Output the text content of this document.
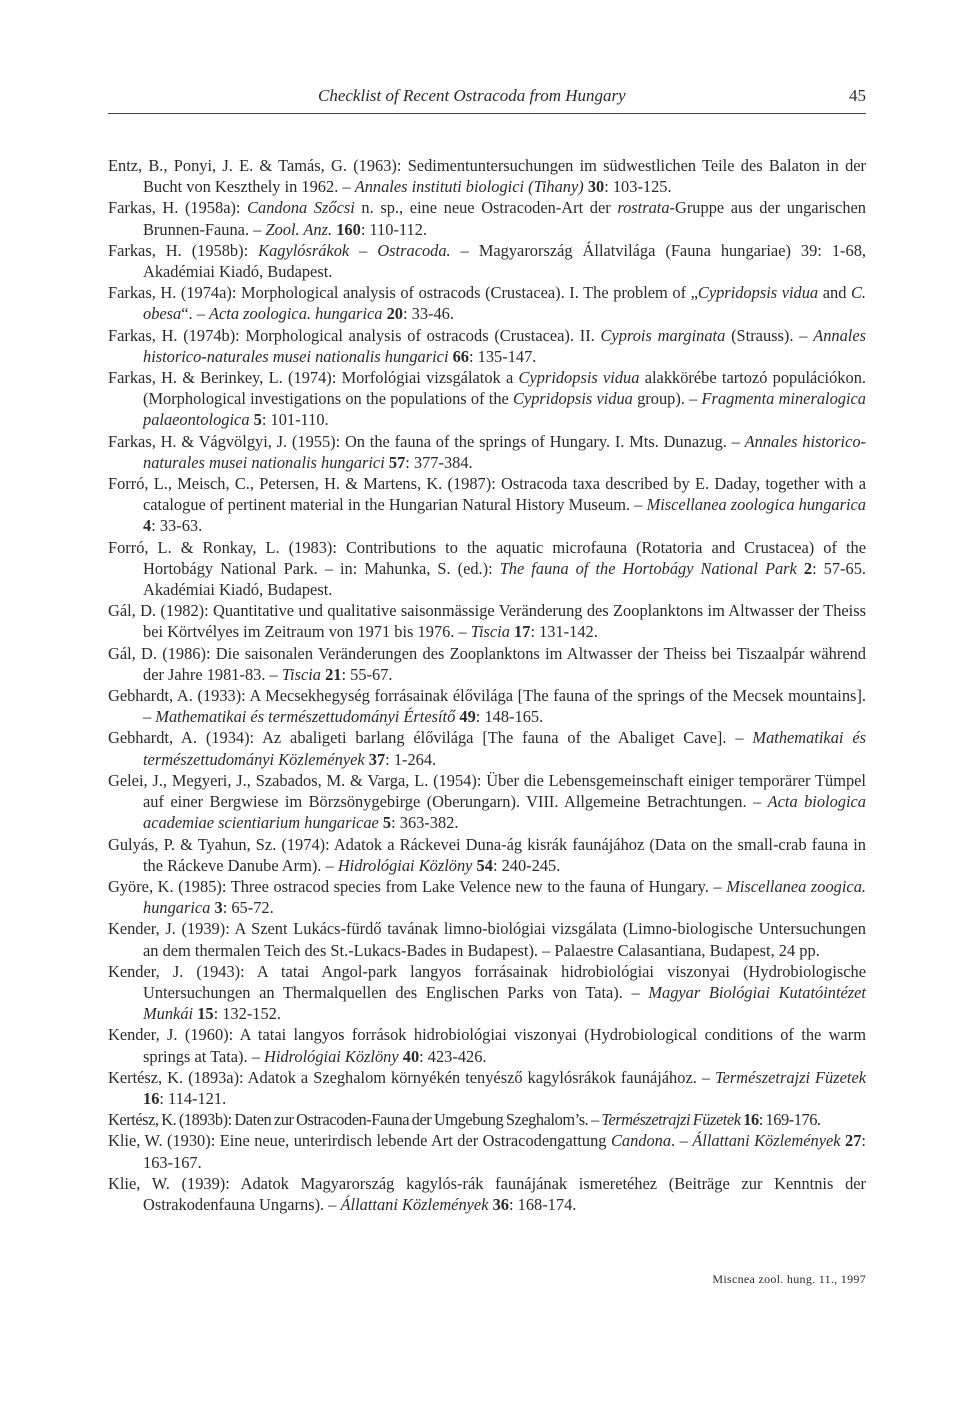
Checklist of Recent Ostracoda from Hungary	45

Entz, B., Ponyi, J. E. & Tamás, G. (1963): Sedimentuntersuchungen im südwestlichen Teile des Balaton in der Bucht von Keszthely in 1962. – Annales instituti biologici (Tihany) 30: 103-125.

Farkas, H. (1958a): Candona Szőcsi n. sp., eine neue Ostracoden-Art der rostrata-Gruppe aus der ungarischen Brunnen-Fauna. – Zool. Anz. 160: 110-112.

Farkas, H. (1958b): Kagylósrákok – Ostracoda. – Magyarország Állatvilága (Fauna hungariae) 39: 1-68, Akadémiai Kiadó, Budapest.

Farkas, H. (1974a): Morphological analysis of ostracods (Crustacea). I. The problem of „Cypridopsis vidua and C. obesa“. – Acta zoologica. hungarica 20: 33-46.

Farkas, H. (1974b): Morphological analysis of ostracods (Crustacea). II. Cyprois marginata (Strauss). – Annales historico-naturales musei nationalis hungarici 66: 135-147.

Farkas, H. & Berinkey, L. (1974): Morfológiai vizsgálatok a Cypridopsis vidua alakkörébe tartozó populációkon. (Morphological investigations on the populations of the Cypridopsis vidua group). – Fragmenta mineralogica palaeontologica 5: 101-110.

Farkas, H. & Vágvölgyi, J. (1955): On the fauna of the springs of Hungary. I. Mts. Dunazug. – Annales historico- naturales musei nationalis hungarici 57: 377-384.

Forró, L., Meisch, C., Petersen, H. & Martens, K. (1987): Ostracoda taxa described by E. Daday, together with a catalogue of pertinent material in the Hungarian Natural History Museum. – Miscellanea zoologica hungarica 4: 33-63.

Forró, L. & Ronkay, L. (1983): Contributions to the aquatic microfauna (Rotatoria and Crustacea) of the Hortobágy National Park. – in: Mahunka, S. (ed.): The fauna of the Hortobágy National Park 2: 57-65. Akadémiai Kiadó, Budapest.

Gál, D. (1982): Quantitative und qualitative saisonmässige Veränderung des Zooplanktons im Altwasser der Theiss bei Körtvélyes im Zeitraum von 1971 bis 1976. – Tiscia 17: 131-142.

Gál, D. (1986): Die saisonalen Veränderungen des Zooplanktons im Altwasser der Theiss bei Tiszaalpár während der Jahre 1981-83. – Tiscia 21: 55-67.

Gebhardt, A. (1933): A Mecsekhegység forrásainak élővilága [The fauna of the springs of the Mecsek mountains]. – Mathematikai és természettudományi Értesítő 49: 148-165.

Gebhardt, A. (1934): Az abaligeti barlang élővilága [The fauna of the Abaliget Cave]. – Mathematikai és természettudományi Közlemények 37: 1-264.

Gelei, J., Megyeri, J., Szabados, M. & Varga, L. (1954): Über die Lebensgemeinschaft einiger temporärer Tümpel auf einer Bergwiese im Börzsönygebirge (Oberungarn). VIII. Allgemeine Betrachtungen. – Acta biologica academiae scientiarium hungaricae 5: 363-382.

Gulyás, P. & Tyahun, Sz. (1974): Adatok a Ráckevei Duna-ág kisrák faunájához (Data on the small-crab fauna in the Ráckeve Danube Arm). – Hidrológiai Közlöny 54: 240-245.

Györe, K. (1985): Three ostracod species from Lake Velence new to the fauna of Hungary. – Miscellanea zoogica. hungarica 3: 65-72.

Kender, J. (1939): A Szent Lukács-fürdő tavának limno-biológiai vizsgálata (Limno-biologische Untersuchungen an dem thermalen Teich des St.-Lukacs-Bades in Budapest). – Palaestre Calasantiana, Budapest, 24 pp.

Kender, J. (1943): A tatai Angol-park langyos forrásainak hidrobiológiai viszonyai (Hydrobiologische Untersuchungen an Thermalquellen des Englischen Parks von Tata). – Magyar Biológiai Kutatóintézet Munkái 15: 132-152.

Kender, J. (1960): A tatai langyos források hidrobiológiai viszonyai (Hydrobiological conditions of the warm springs at Tata). – Hidrológiai Közlöny 40: 423-426.

Kertész, K. (1893a): Adatok a Szeghalom környékén tenyésző kagylósrákok faunájához. – Természetrajzi Füzetek 16: 114-121.

Kertész, K. (1893b): Daten zur Ostracoden-Fauna der Umgebung Szeghalom’s. – Természetrajzi Füzetek 16: 169-176.

Klie, W. (1930): Eine neue, unterirdisch lebende Art der Ostracodengattung Candona. – Állattani Közlemények 27: 163-167.

Klie, W. (1939): Adatok Magyarország kagylós-rák faunájának ismeretéhez (Beiträge zur Kenntnis der Ostrakodenfauna Ungarns). – Állattani Közlemények 36: 168-174.

Miscnea zool. hung. 11., 1997
